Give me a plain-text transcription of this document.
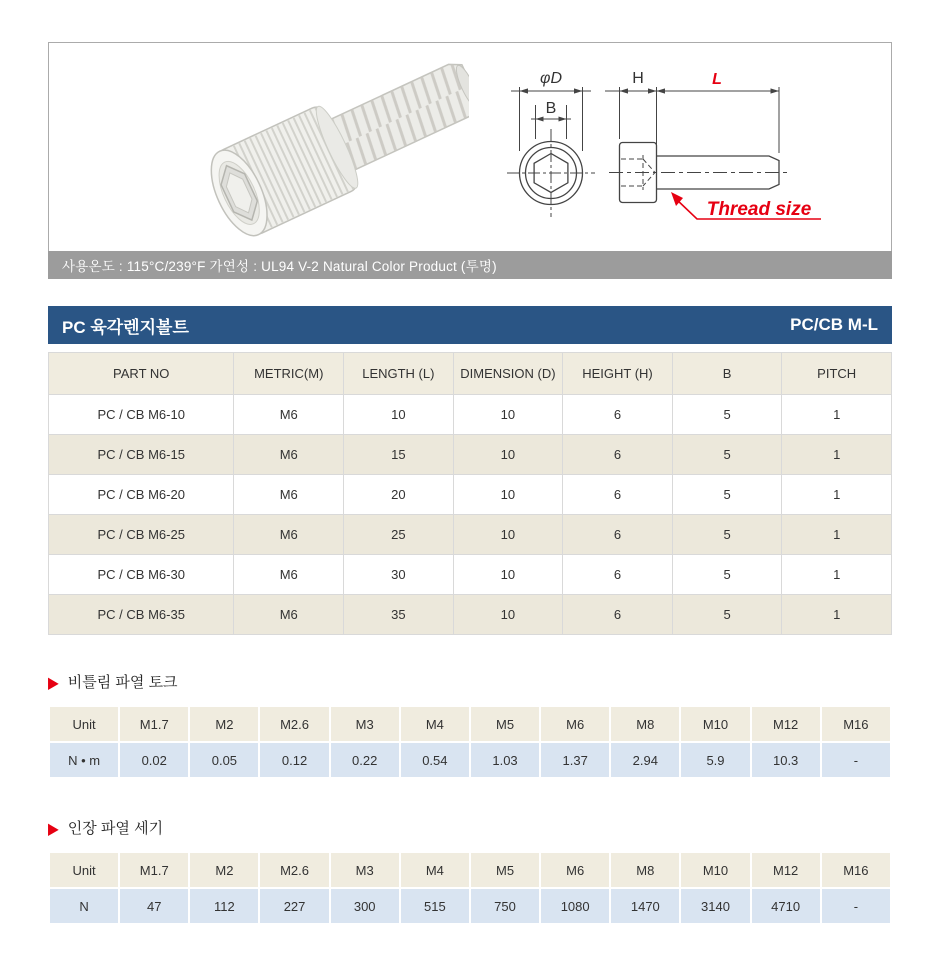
φD
B
H	L
Thread size
사용온도 : 115°C/239°F 가연성 : UL94 V-2 Natural Color Product (투명)
PC 육각렌지볼트	PC/CB M-L
PART NO	METRIC(M)	LENGTH (L)	DIMENSION (D)	HEIGHT (H)	B	PITCH
PC / CB M6-10	M6	10	10	6	5	1
PC / CB M6-15	M6	15	10	6	5	1
PC / CB M6-20	M6	20	10	6	5	1
PC / CB M6-25	M6	25	10	6	5	1
PC / CB M6-30	M6	30	10	6	5	1
PC / CB M6-35	M6	35	10	6	5	1
▶ 비틀림 파열 토크
Unit	M1.7	M2	M2.6	M3	M4	M5	M6	M8	M10	M12	M16
N • m	0.02	0.05	0.12	0.22	0.54	1.03	1.37	2.94	5.9	10.3	-
▶ 인장 파열 세기
Unit	M1.7	M2	M2.6	M3	M4	M5	M6	M8	M10	M12	M16
N	47	112	227	300	515	750	1080	1470	3140	4710	-
